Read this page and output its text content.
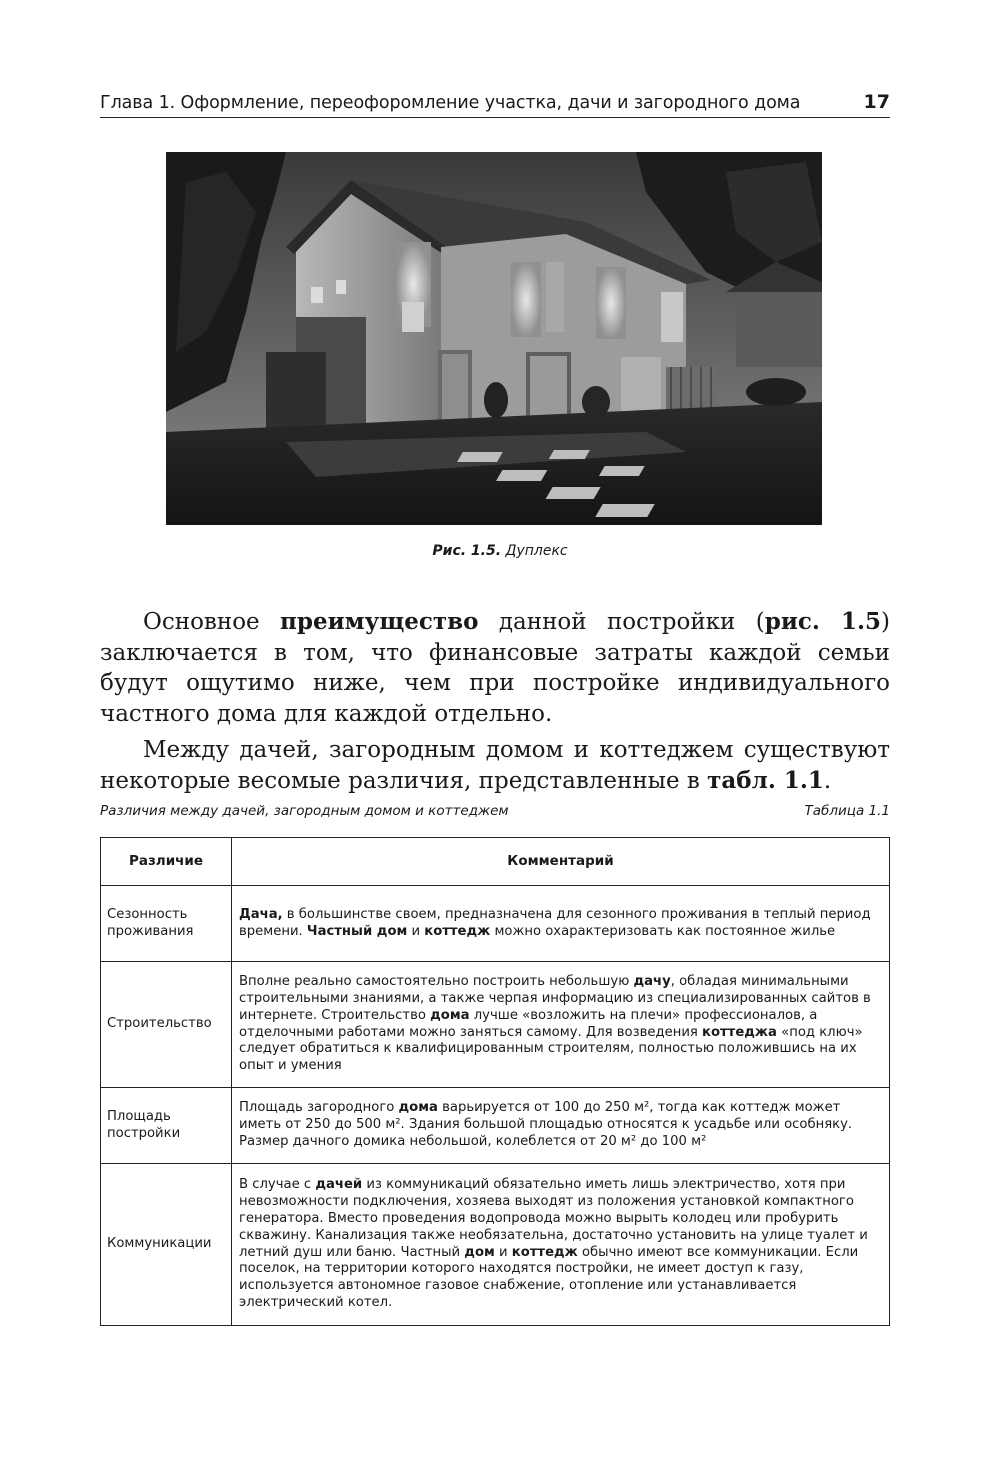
Глава 1. Оформление, переофоромление участка, дачи и загородного дома	17
Рис. 1.5. Дуплекс

Основное преимущество данной постройки (рис. 1.5) заключается в том, что финансовые затраты каждой семьи будут ощутимо ниже, чем при постройке индивидуального частного дома для каждой отдельно.

Между дачей, загородным домом и коттеджем существуют некоторые весомые различия, представленные в табл. 1.1.

Различия между дачей, загородным домом и коттеджем	Таблица 1.1
Различие	Комментарий
Сезонность проживания	Дача, в большинстве своем, предназначена для сезонного проживания в теплый период времени. Частный дом и коттедж можно охарактеризовать как постоянное жилье
Строительство	Вполне реально самостоятельно построить небольшую дачу, обладая минимальными строительными знаниями, а также черпая информацию из специализированных сайтов в интернете. Строительство дома лучше «возложить на плечи» профессионалов, а отделочными работами можно заняться самому. Для возведения коттеджа «под ключ» следует обратиться к квалифицированным строителям, полностью положившись на их опыт и умения
Площадь постройки	Площадь загородного дома варьируется от 100 до 250 м², тогда как коттедж может иметь от 250 до 500 м². Здания большой площадью относятся к усадьбе или особняку. Размер дачного домика небольшой, колеблется от 20 м² до 100 м²
Коммуникации	В случае с дачей из коммуникаций обязательно иметь лишь электричество, хотя при невозможности подключения, хозяева выходят из положения установкой компактного генератора. Вместо проведения водопровода можно вырыть колодец или пробурить скважину. Канализация также необязательна, достаточно установить на улице туалет и летний душ или баню. Частный дом и коттедж обычно имеют все коммуникации. Если поселок, на территории которого находятся постройки, не имеет доступ к газу, используется автономное газовое снабжение, отопление или устанавливается электрический котел.
